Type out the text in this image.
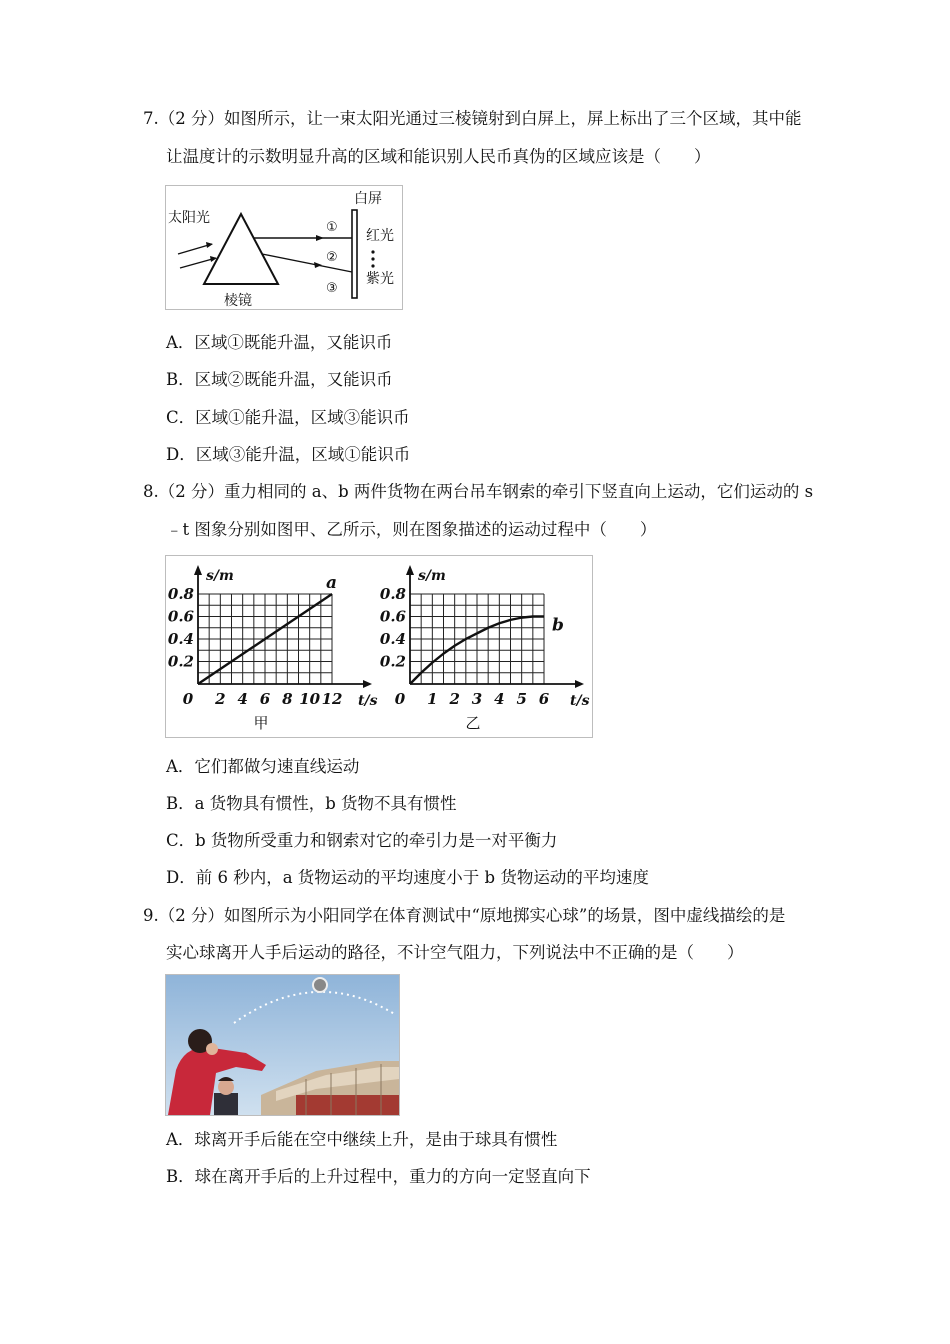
7.（2 分）如图所示，让一束太阳光通过三棱镜射到白屏上，屏上标出了三个区域，其中能
让温度计的示数明显升高的区域和能识别人民币真伪的区域应该是（　　）
太阳光
棱镜
白屏
①
②
③
红光
紫光
A．区域①既能升温，又能识币
B．区域②既能升温，又能识币
C．区域①能升温，区域③能识币
D．区域③能升温，区域①能识币
8.（2 分）重力相同的 a、b 两件货物在两台吊车钢索的牵引下竖直向上运动，它们运动的 s
﹣t 图象分别如图甲、乙所示，则在图象描述的运动过程中（　　）
0.2
0.4
0.6
0.8
0 2 4 6 8 10 12
s/m
t/s
a
甲
0.2
0.4
0.6
0.8
0 1 2 3 4 5 6
s/m
t/s
b
乙
A．它们都做匀速直线运动
B．a 货物具有惯性，b 货物不具有惯性
C．b 货物所受重力和钢索对它的牵引力是一对平衡力
D．前 6 秒内，a 货物运动的平均速度小于 b 货物运动的平均速度
9.（2 分）如图所示为小阳同学在体育测试中“原地掷实心球”的场景，图中虚线描绘的是
实心球离开人手后运动的路径，不计空气阻力，下列说法中不正确的是（　　）
A．球离开手后能在空中继续上升，是由于球具有惯性
B．球在离开手后的上升过程中，重力的方向一定竖直向下
